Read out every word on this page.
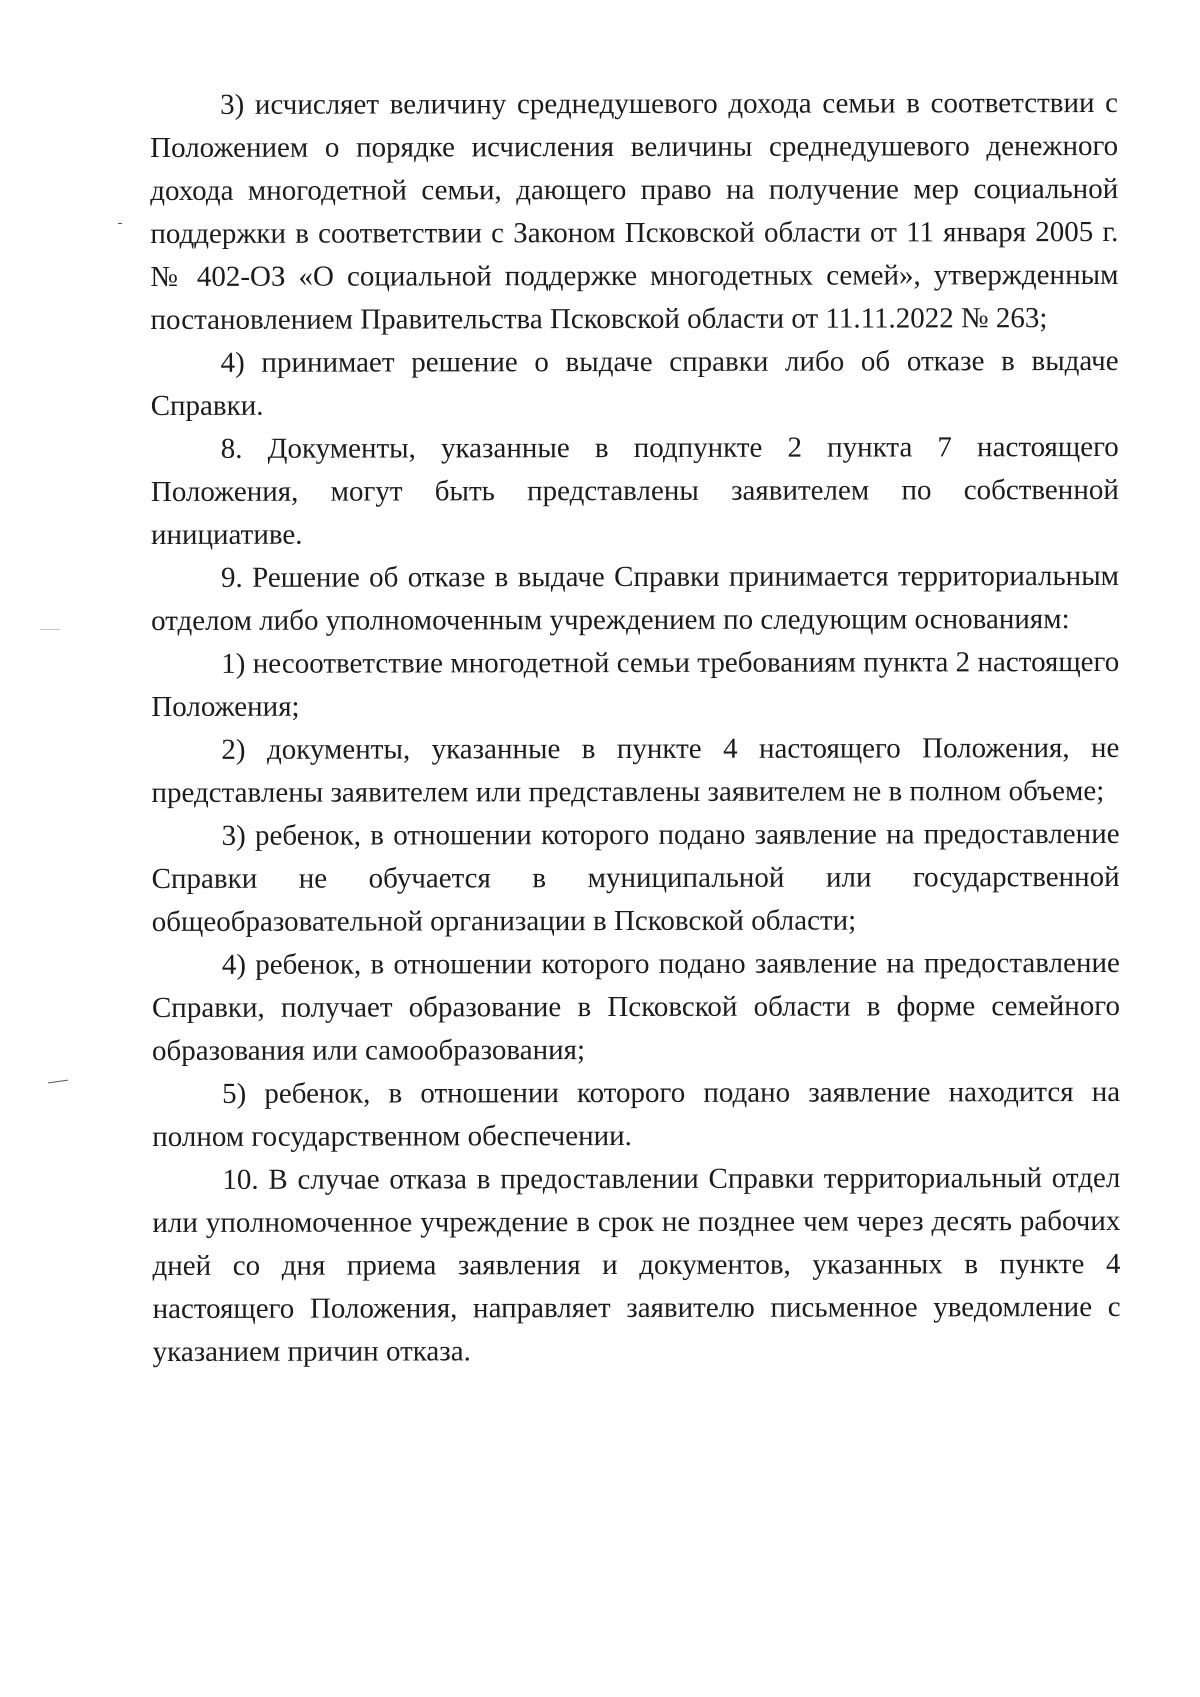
3) исчисляет величину среднедушевого дохода семьи в соответствии с Положением о порядке исчисления величины среднедушевого денежного дохода многодетной семьи, дающего право на получение мер социальной поддержки в соответствии с Законом Псковской области от 11 января 2005 г. № 402-ОЗ «О социальной поддержке многодетных семей», утвержденным постановлением Правительства Псковской области от 11.11.2022 № 263;

4) принимает решение о выдаче справки либо об отказе в выдаче Справки.

8. Документы, указанные в подпункте 2 пункта 7 настоящего Положения, могут быть представлены заявителем по собственной инициативе.

9. Решение об отказе в выдаче Справки принимается территориальным отделом либо уполномоченным учреждением по следующим основаниям:

1) несоответствие многодетной семьи требованиям пункта 2 настоящего Положения;

2) документы, указанные в пункте 4 настоящего Положения, не представлены заявителем или представлены заявителем не в полном объеме;

3) ребенок, в отношении которого подано заявление на предоставление Справки не обучается в муниципальной или государственной общеобразовательной организации в Псковской области;

4) ребенок, в отношении которого подано заявление на предоставление Справки, получает образование в Псковской области в форме семейного образования или самообразования;

5) ребенок, в отношении которого подано заявление находится на полном государственном обеспечении.

10. В случае отказа в предоставлении Справки территориальный отдел или уполномоченное учреждение в срок не позднее чем через десять рабочих дней со дня приема заявления и документов, указанных в пункте 4 настоящего Положения, направляет заявителю письменное уведомление с указанием причин отказа.
